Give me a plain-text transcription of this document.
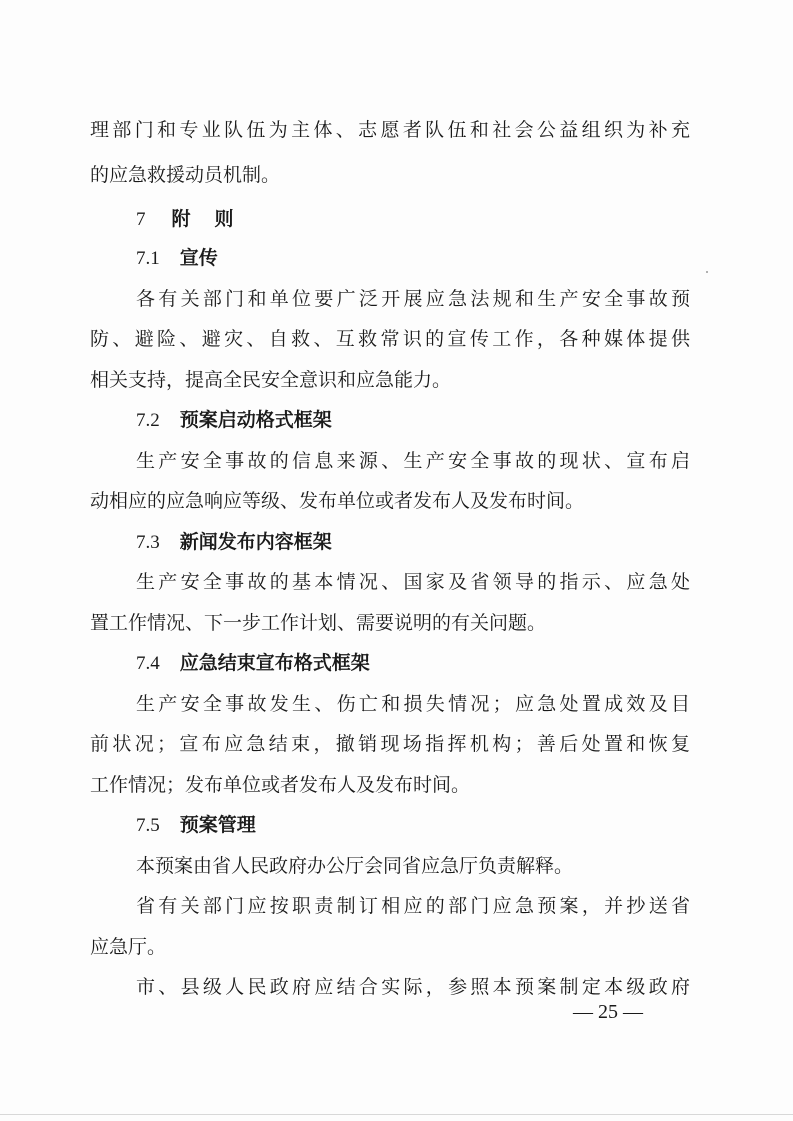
理部门和专业队伍为主体、志愿者队伍和社会公益组织为补充
的应急救援动员机制。
7 附则
7.1 宣传
各有关部门和单位要广泛开展应急法规和生产安全事故预
防、避险、避灾、自救、互救常识的宣传工作，各种媒体提供
相关支持，提高全民安全意识和应急能力。
7.2 预案启动格式框架
生产安全事故的信息来源、生产安全事故的现状、宣布启
动相应的应急响应等级、发布单位或者发布人及发布时间。
7.3 新闻发布内容框架
生产安全事故的基本情况、国家及省领导的指示、应急处
置工作情况、下一步工作计划、需要说明的有关问题。
7.4 应急结束宣布格式框架
生产安全事故发生、伤亡和损失情况；应急处置成效及目
前状况；宣布应急结束，撤销现场指挥机构；善后处置和恢复
工作情况；发布单位或者发布人及发布时间。
7.5 预案管理
本预案由省人民政府办公厅会同省应急厅负责解释。
省有关部门应按职责制订相应的部门应急预案，并抄送省
应急厅。
市、县级人民政府应结合实际，参照本预案制定本级政府
— 25 —
